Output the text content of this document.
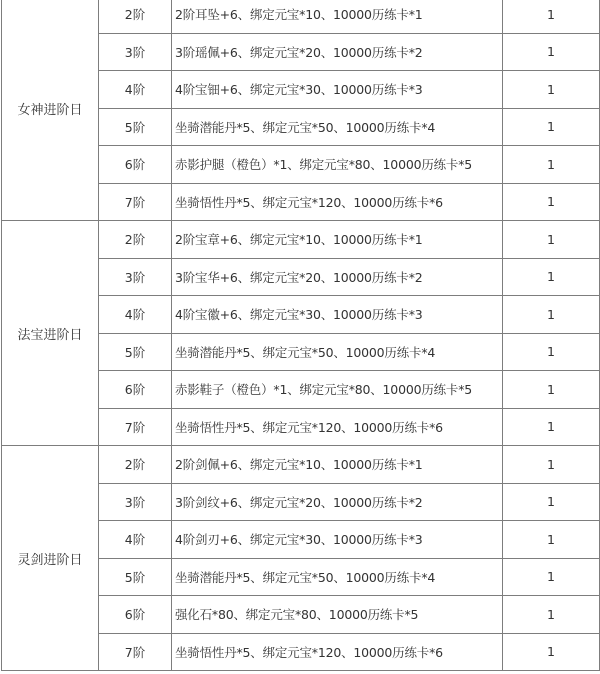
女神进阶日	2阶	2阶耳坠+6、绑定元宝*10、10000历练卡*1	1
	3阶	3阶瑶佩+6、绑定元宝*20、10000历练卡*2	1
	4阶	4阶宝钿+6、绑定元宝*30、10000历练卡*3	1
	5阶	坐骑潜能丹*5、绑定元宝*50、10000历练卡*4	1
	6阶	赤影护腿（橙色）*1、绑定元宝*80、10000历练卡*5	1
	7阶	坐骑悟性丹*5、绑定元宝*120、10000历练卡*6	1
法宝进阶日	2阶	2阶宝章+6、绑定元宝*10、10000历练卡*1	1
	3阶	3阶宝华+6、绑定元宝*20、10000历练卡*2	1
	4阶	4阶宝徽+6、绑定元宝*30、10000历练卡*3	1
	5阶	坐骑潜能丹*5、绑定元宝*50、10000历练卡*4	1
	6阶	赤影鞋子（橙色）*1、绑定元宝*80、10000历练卡*5	1
	7阶	坐骑悟性丹*5、绑定元宝*120、10000历练卡*6	1
灵剑进阶日	2阶	2阶剑佩+6、绑定元宝*10、10000历练卡*1	1
	3阶	3阶剑纹+6、绑定元宝*20、10000历练卡*2	1
	4阶	4阶剑刃+6、绑定元宝*30、10000历练卡*3	1
	5阶	坐骑潜能丹*5、绑定元宝*50、10000历练卡*4	1
	6阶	强化石*80、绑定元宝*80、10000历练卡*5	1
	7阶	坐骑悟性丹*5、绑定元宝*120、10000历练卡*6	1
